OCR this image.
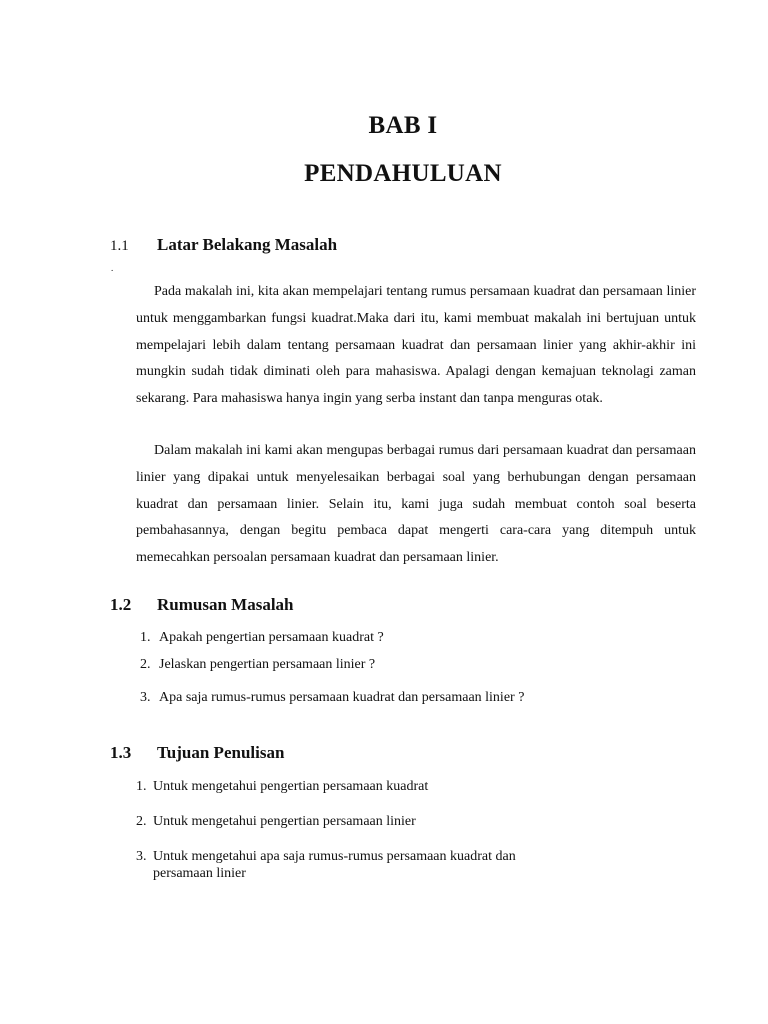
BAB I
PENDAHULUAN
1.1 Latar Belakang Masalah
.

Pada makalah ini, kita akan mempelajari tentang rumus persamaan kuadrat dan persamaan linier untuk menggambarkan fungsi kuadrat.Maka dari itu, kami membuat makalah ini bertujuan untuk mempelajari lebih dalam tentang persamaan kuadrat dan persamaan linier yang akhir-akhir ini mungkin sudah tidak diminati oleh para mahasiswa. Apalagi dengan kemajuan teknolagi zaman sekarang. Para mahasiswa hanya ingin yang serba instant dan tanpa menguras otak.

Dalam makalah ini kami akan mengupas berbagai rumus dari persamaan kuadrat dan persamaan linier yang dipakai untuk menyelesaikan berbagai soal yang berhubungan dengan persamaan kuadrat dan persamaan linier. Selain itu, kami juga sudah membuat contoh soal beserta pembahasannya, dengan begitu pembaca dapat mengerti cara-cara yang ditempuh untuk memecahkan persoalan persamaan kuadrat dan persamaan linier.

1.2 Rumusan Masalah
1. Apakah pengertian persamaan kuadrat ?
2. Jelaskan pengertian persamaan linier ?
3. Apa saja rumus-rumus persamaan kuadrat dan persamaan linier ?
1.3 Tujuan Penulisan
1. Untuk mengetahui pengertian persamaan kuadrat
2. Untuk mengetahui pengertian persamaan linier
3. Untuk mengetahui apa saja rumus-rumus persamaan kuadrat dan
persamaan linier
